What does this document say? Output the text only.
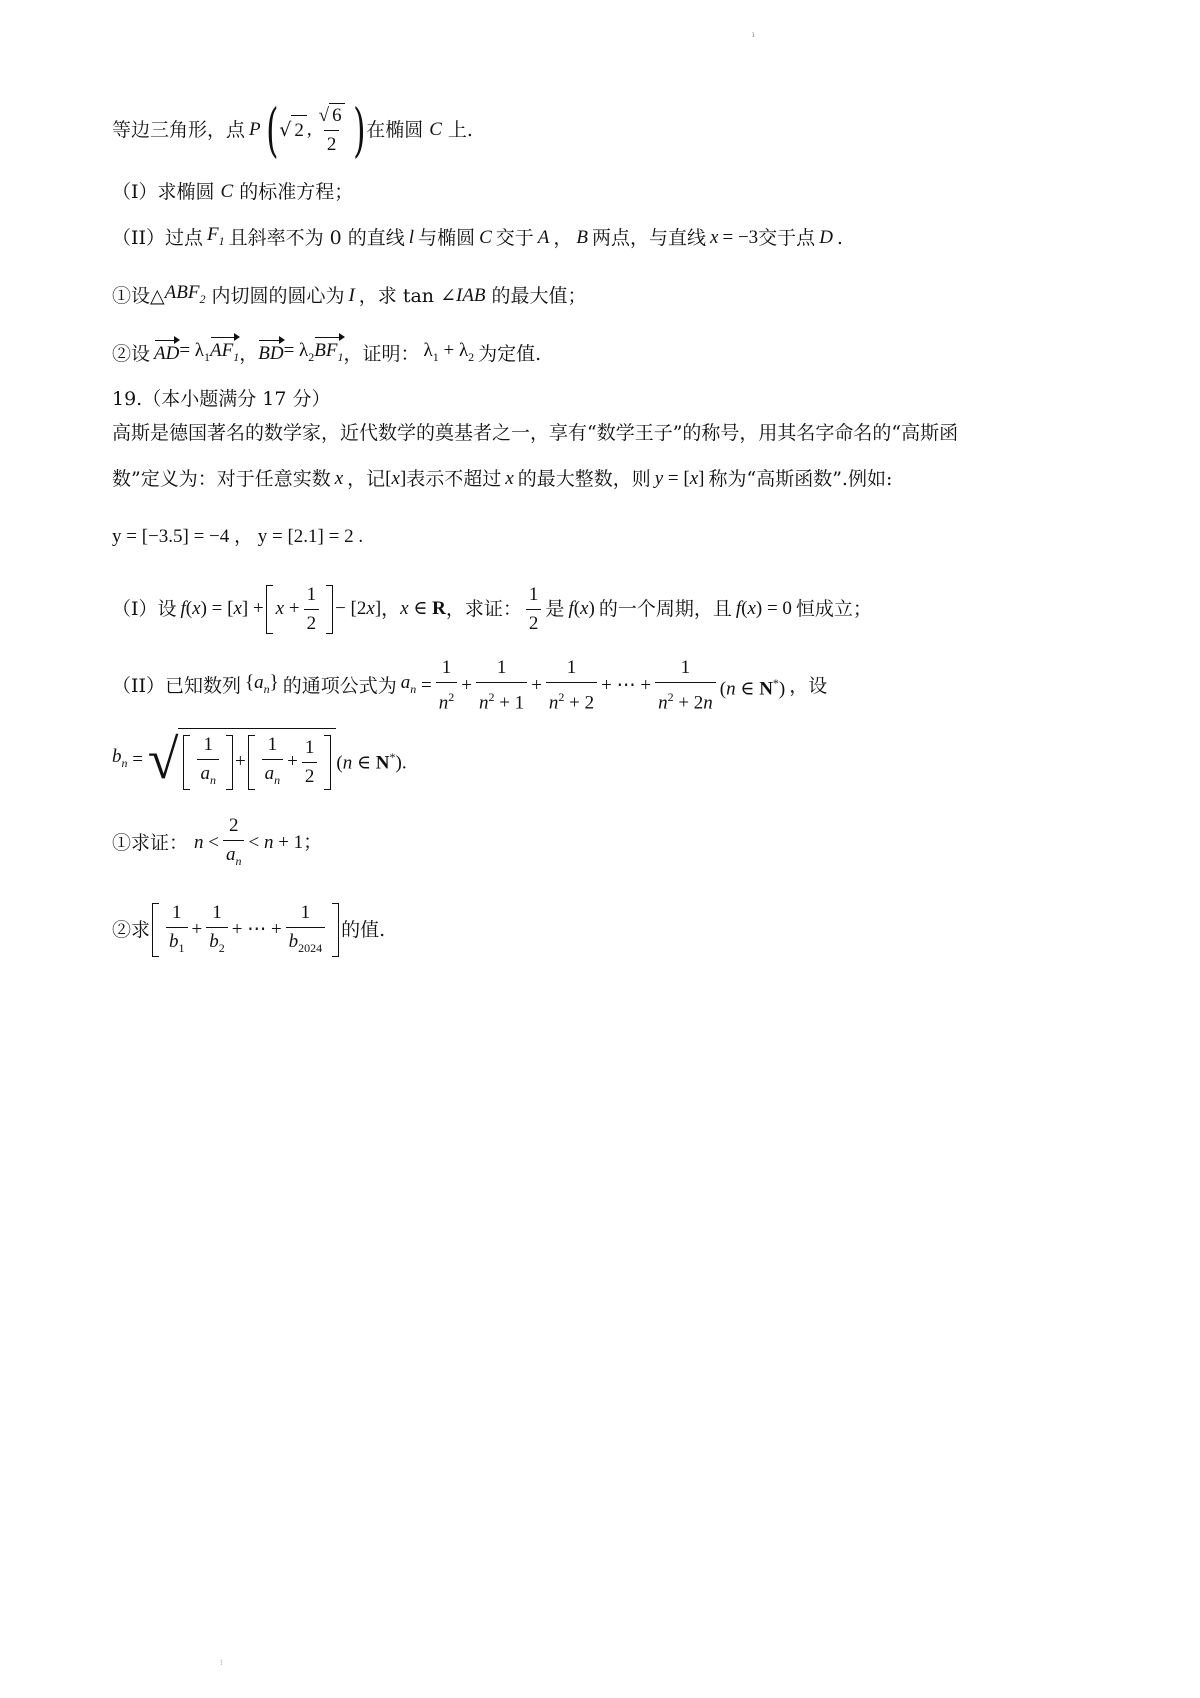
ı
等边三角形，点 P ( √ 2 , $\frac{√ 6}{2}$ ) 在椭圆 C 上.
（I）求椭圆 C 的标准方程；
（II）过点 $F_1$ 且斜率不为 0 的直线 l 与椭圆 C 交于 A ， B 两点，与直线 x = −3 交于点 D .
①设△ $ABF_2$ 内切圆的圆心为 I ，求 tan ∠ IAB 的最大值；
②设 AD = $\lambda_1$ $AF_1$ ， BD = $\lambda_2$ $BF_1$ ，证明： $\lambda_1 + \lambda_2$ 为定值.
19.（本小题满分 17 分）
高斯是德国著名的数学家，近代数学的奠基者之一，享有“数学王子”的称号，用其名字命名的“高斯函
数”定义为：对于任意实数 x ，记 [x] 表示不超过 x 的最大整数，则 y = [x] 称为“高斯函数”.例如:
y = [−3.5] = −4 ， y = [2.1] = 2 .
（I）设 $f(x) = [x] + x + \frac{1}{2} - [2x]$ ， x ∈ R ，求证： $\frac{1}{2}$ 是 f(x) 的一个周期，且 f(x) = 0 恒成立；
（II）已知数列 $\{a_n\}$ 的通项公式为 $a_n = \frac{1}{n^2} + \frac{1}{n^2 + 1} + \frac{1}{n^2 + 2}$ + ⋯ + $\frac{1}{n^2 + 2n} (n$ ∈ N*) ，设
$b_n$ = √ $\frac{1}{a_n} + \frac{1}{a_n} + \frac{1}{2} (n$ ∈ N*).
①求证： $n < \frac{2}{a_n} < n + 1$；
②求 $\frac{1}{b_1} + \frac{1}{b_2}$ + ⋯ + $\frac{1}{b_{2024}}$ 的值.
⁝
